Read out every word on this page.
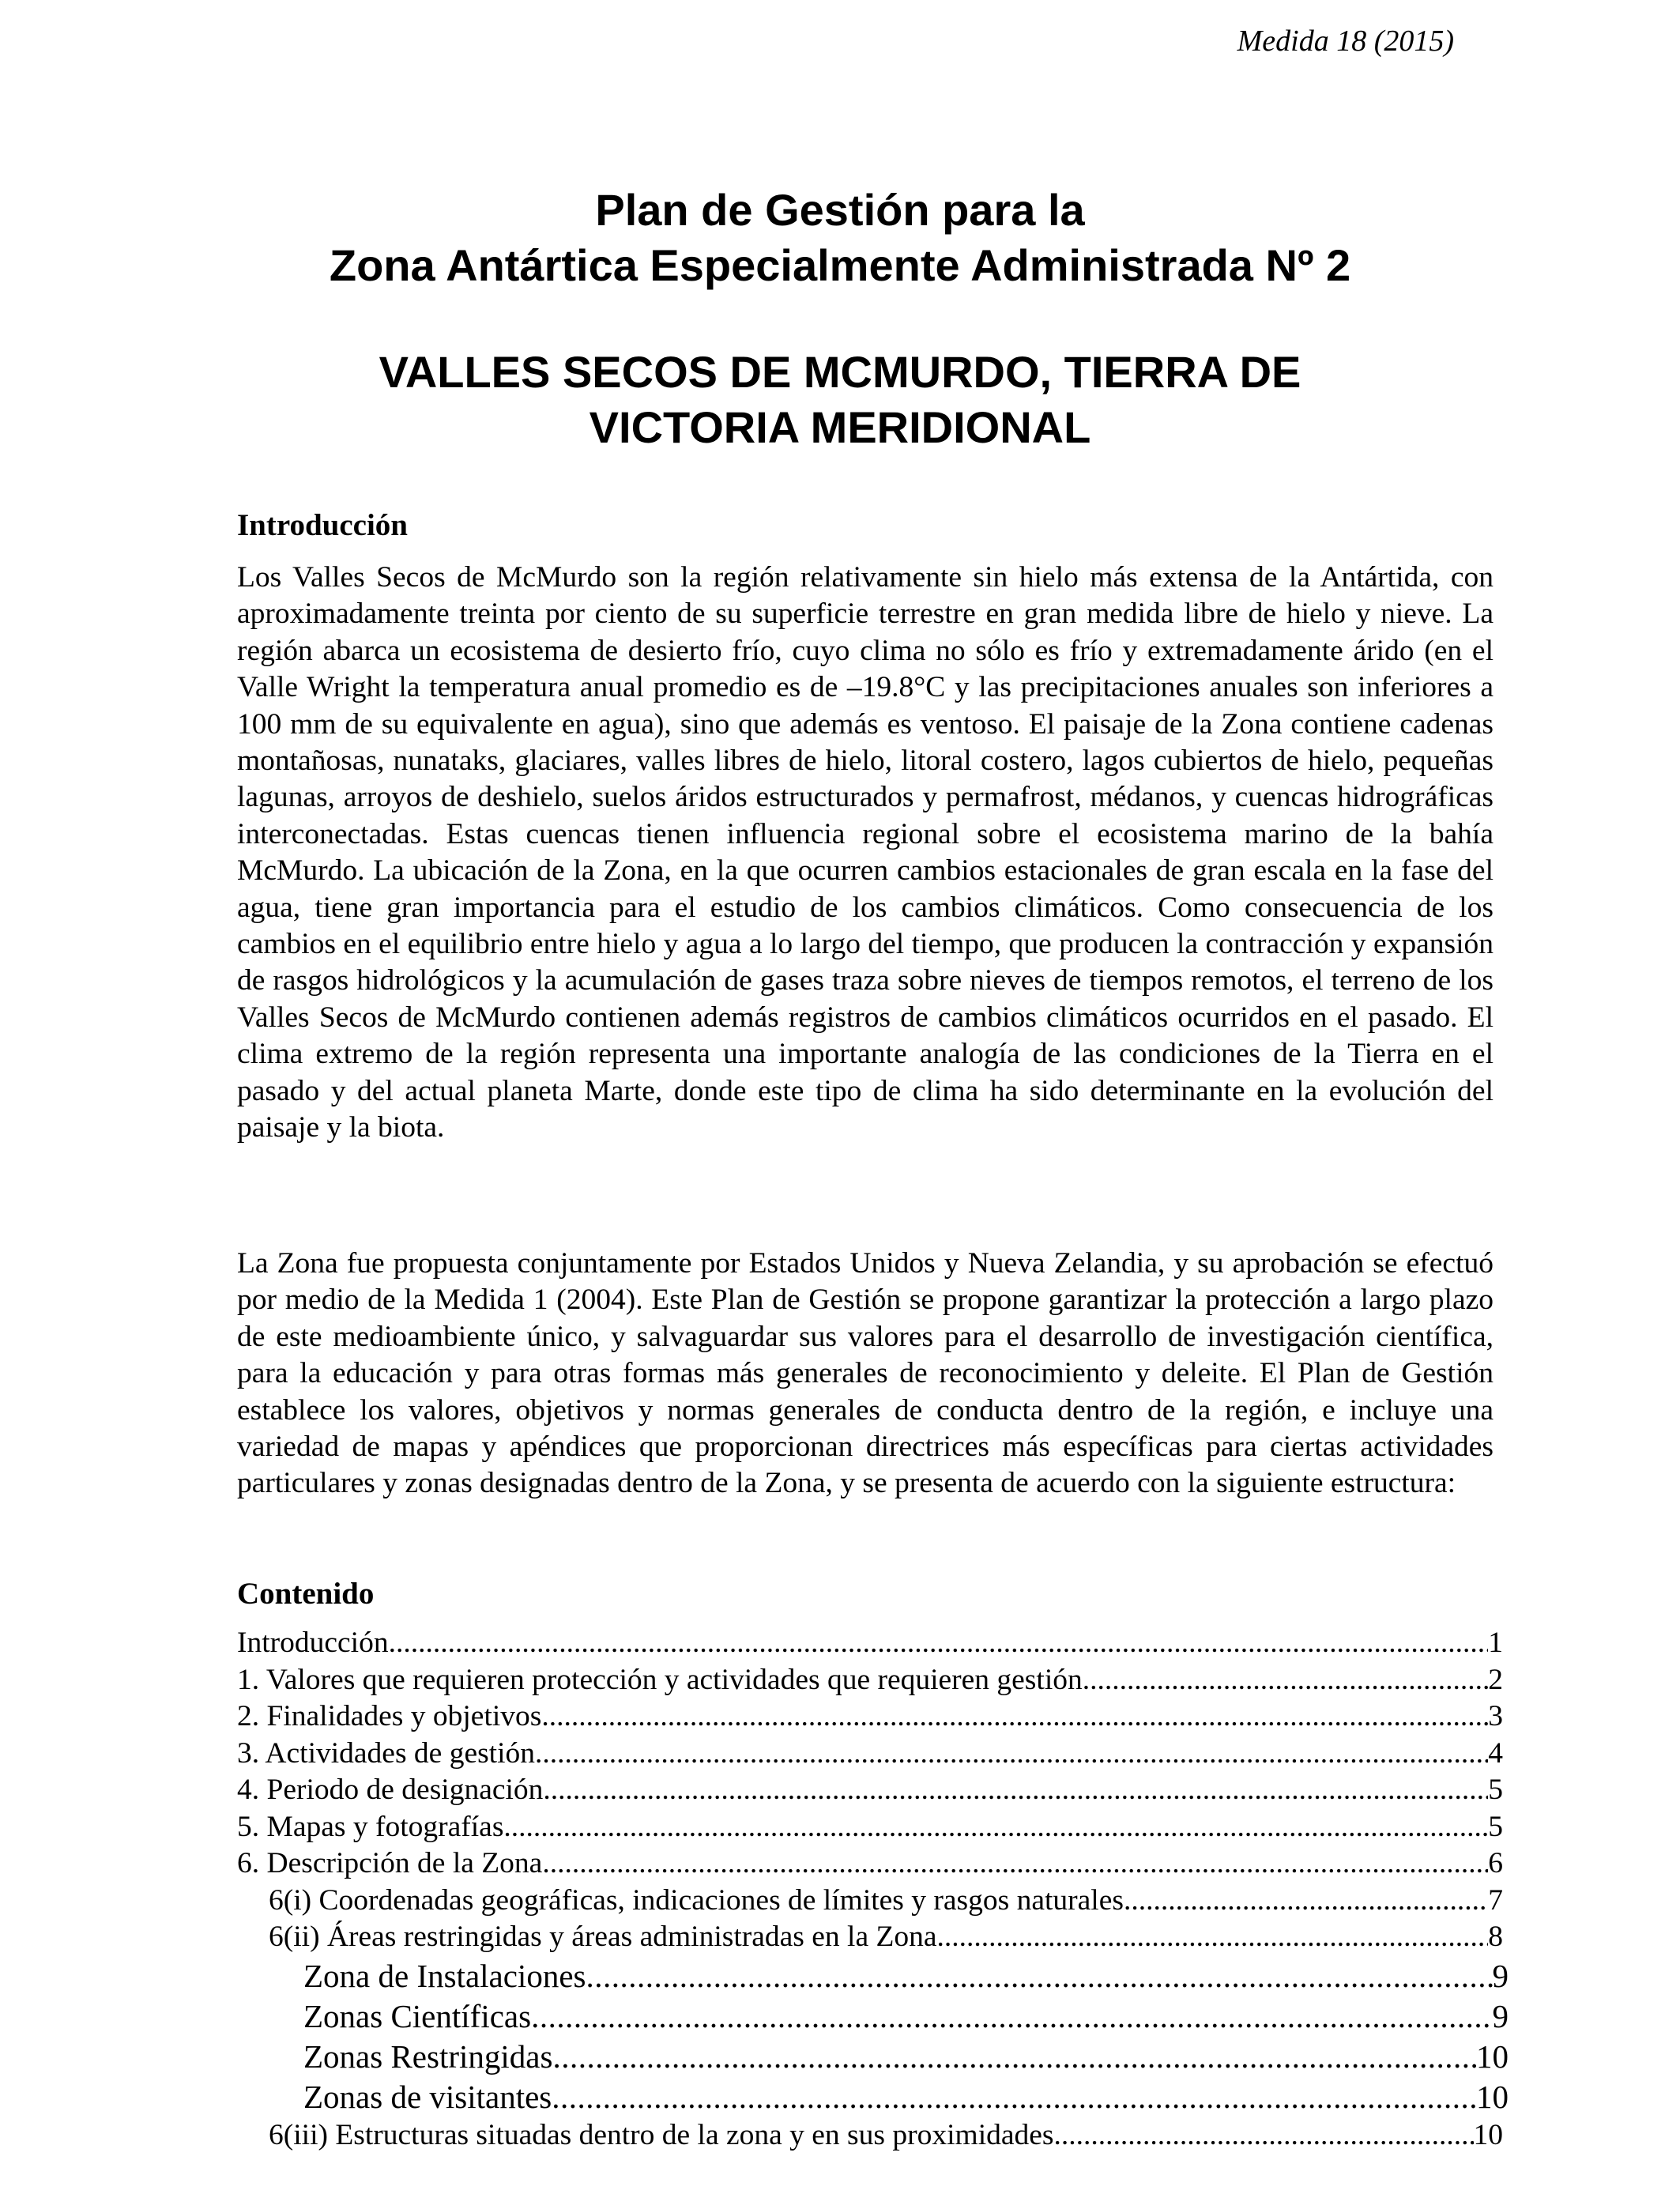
Medida 18 (2015)
Plan de Gestión para la
Zona Antártica Especialmente Administrada Nº 2
VALLES SECOS DE MCMURDO, TIERRA DE
VICTORIA MERIDIONAL
Introducción

Los Valles Secos de McMurdo son la región relativamente sin hielo más extensa de la Antártida, con aproximadamente treinta por ciento de su superficie terrestre en gran medida libre de hielo y nieve. La región abarca un ecosistema de desierto frío, cuyo clima no sólo es frío y extremadamente árido (en el Valle Wright la temperatura anual promedio es de –19.8°C y las precipitaciones anuales son inferiores a 100 mm de su equivalente en agua), sino que además es ventoso. El paisaje de la Zona contiene cadenas montañosas, nunataks, glaciares, valles libres de hielo, litoral costero, lagos cubiertos de hielo, pequeñas lagunas, arroyos de deshielo, suelos áridos estructurados y permafrost, médanos, y cuencas hidrográficas interconectadas. Estas cuencas tienen influencia regional sobre el ecosistema marino de la bahía McMurdo. La ubicación de la Zona, en la que ocurren cambios estacionales de gran escala en la fase del agua, tiene gran importancia para el estudio de los cambios climáticos. Como consecuencia de los cambios en el equilibrio entre hielo y agua a lo largo del tiempo, que producen la contracción y expansión de rasgos hidrológicos y la acumulación de gases traza sobre nieves de tiempos remotos, el terreno de los Valles Secos de McMurdo contienen además registros de cambios climáticos ocurridos en el pasado. El clima extremo de la región representa una importante analogía de las condiciones de la Tierra en el pasado y del actual planeta Marte, donde este tipo de clima ha sido determinante en la evolución del paisaje y la biota.

La Zona fue propuesta conjuntamente por Estados Unidos y Nueva Zelandia, y su aprobación se efectuó por medio de la Medida 1 (2004). Este Plan de Gestión se propone garantizar la protección a largo plazo de este medioambiente único, y salvaguardar sus valores para el desarrollo de investigación científica, para la educación y para otras formas más generales de reconocimiento y deleite. El Plan de Gestión establece los valores, objetivos y normas generales de conducta dentro de la región, e incluye una variedad de mapas y apéndices que proporcionan directrices más específicas para ciertas actividades particulares y zonas designadas dentro de la Zona, y se presenta de acuerdo con la siguiente estructura:

Contenido
Introducción .....	1
1. Valores que requieren protección y actividades que requieren gestión .....	2
2. Finalidades y objetivos .....	3
3. Actividades de gestión .....	4
4. Periodo de designación .....	5
5. Mapas y fotografías .....	5
6. Descripción de la Zona .....	6
6(i) Coordenadas geográficas, indicaciones de límites y rasgos naturales .....	7
6(ii) Áreas restringidas y áreas administradas en la Zona .....	8
Zona de Instalaciones .....	9
Zonas Científicas .....	9
Zonas Restringidas .....	10
Zonas de visitantes .....	10
6(iii) Estructuras situadas dentro de la zona y en sus proximidades .....	10
